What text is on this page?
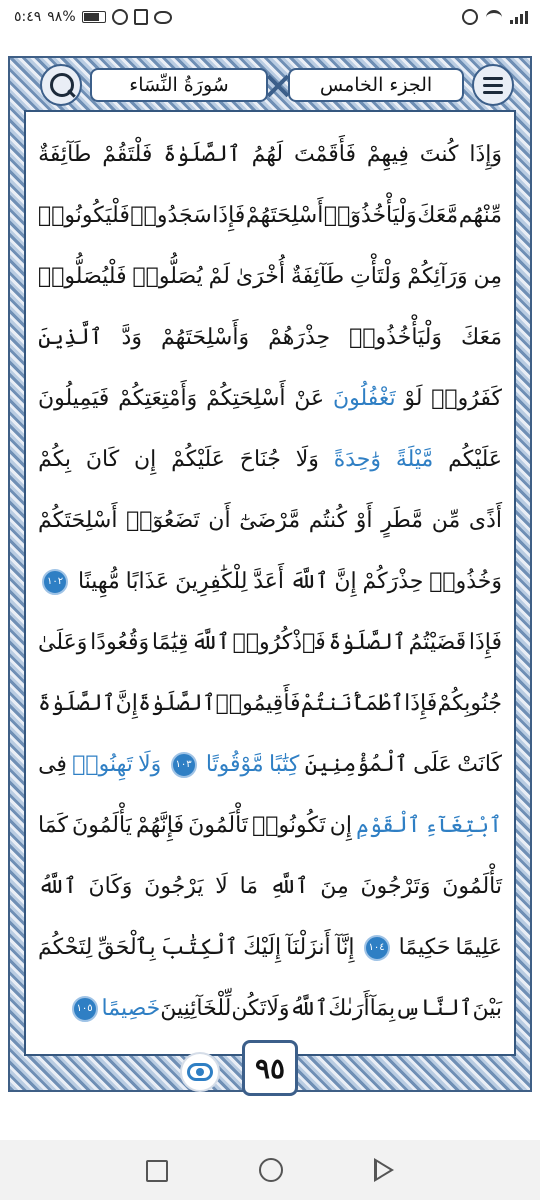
٥:٤٩ ٩٨%
سُورَةُ النِّسَاء	الجزء الخامس
وَإِذَا
كُنتَ
فِيهِمْ
فَأَقَمْتَ
لَهُمُ
ٱلصَّلَوٰةَ
فَلْتَقُمْ
طَآئِفَةٌ
مِّنْهُم
مَّعَكَ
وَلْيَأْخُذُوٓا۟
أَسْلِحَتَهُمْ
فَإِذَا
سَجَدُوا۟
فَلْيَكُونُوا۟
مِن
وَرَآئِكُمْ
وَلْتَأْتِ
طَآئِفَةٌ
أُخْرَىٰ
لَمْ
يُصَلُّوا۟
فَلْيُصَلُّوا۟
مَعَكَ
وَلْيَأْخُذُوا۟
حِذْرَهُمْ
وَأَسْلِحَتَهُمْ
وَدَّ
ٱلَّذِينَ
كَفَرُوا۟
لَوْ
تَغْفُلُونَ
عَنْ
أَسْلِحَتِكُمْ
وَأَمْتِعَتِكُمْ
فَيَمِيلُونَ
عَلَيْكُم
مَّيْلَةً
وَٰحِدَةً
وَلَا
جُنَاحَ
عَلَيْكُمْ
إِن
كَانَ
بِكُمْ
أَذًى
مِّن
مَّطَرٍ
أَوْ
كُنتُم
مَّرْضَىٰٓ
أَن
تَضَعُوٓا۟
أَسْلِحَتَكُمْ
وَخُذُوا۟
حِذْرَكُمْ
إِنَّ
ٱللَّهَ
أَعَدَّ
لِلْكَٰفِرِينَ
عَذَابًا
مُّهِينًا
١٠٢
فَإِذَا
قَضَيْتُمُ
ٱلصَّلَوٰةَ
فَٱذْكُرُوا۟
ٱللَّهَ
قِيَٰمًا
وَقُعُودًا
وَعَلَىٰ
جُنُوبِكُمْ
فَإِذَا
ٱطْمَأْنَنتُمْ
فَأَقِيمُوا۟
ٱلصَّلَوٰةَ
إِنَّ
ٱلصَّلَوٰةَ
كَانَتْ
عَلَى
ٱلْمُؤْمِنِينَ
كِتَٰبًا
مَّوْقُوتًا
١٠٣
وَلَا
تَهِنُوا۟
فِى
ٱبْتِغَآءِ
ٱلْقَوْمِ
إِن
تَكُونُوا۟
تَأْلَمُونَ
فَإِنَّهُمْ
يَأْلَمُونَ
كَمَا
تَأْلَمُونَ
وَتَرْجُونَ
مِنَ
ٱللَّهِ
مَا
لَا
يَرْجُونَ
وَكَانَ
ٱللَّهُ
عَلِيمًا
حَكِيمًا
١٠٤
إِنَّآ
أَنزَلْنَآ
إِلَيْكَ
ٱلْكِتَٰبَ
بِٱلْحَقِّ
لِتَحْكُمَ
بَيْنَ
ٱلنَّاسِ
بِمَآ
أَرَىٰكَ
ٱللَّهُ
وَلَا
تَكُن
لِّلْخَآئِنِينَ
خَصِيمًا
١٠٥
٩٥
